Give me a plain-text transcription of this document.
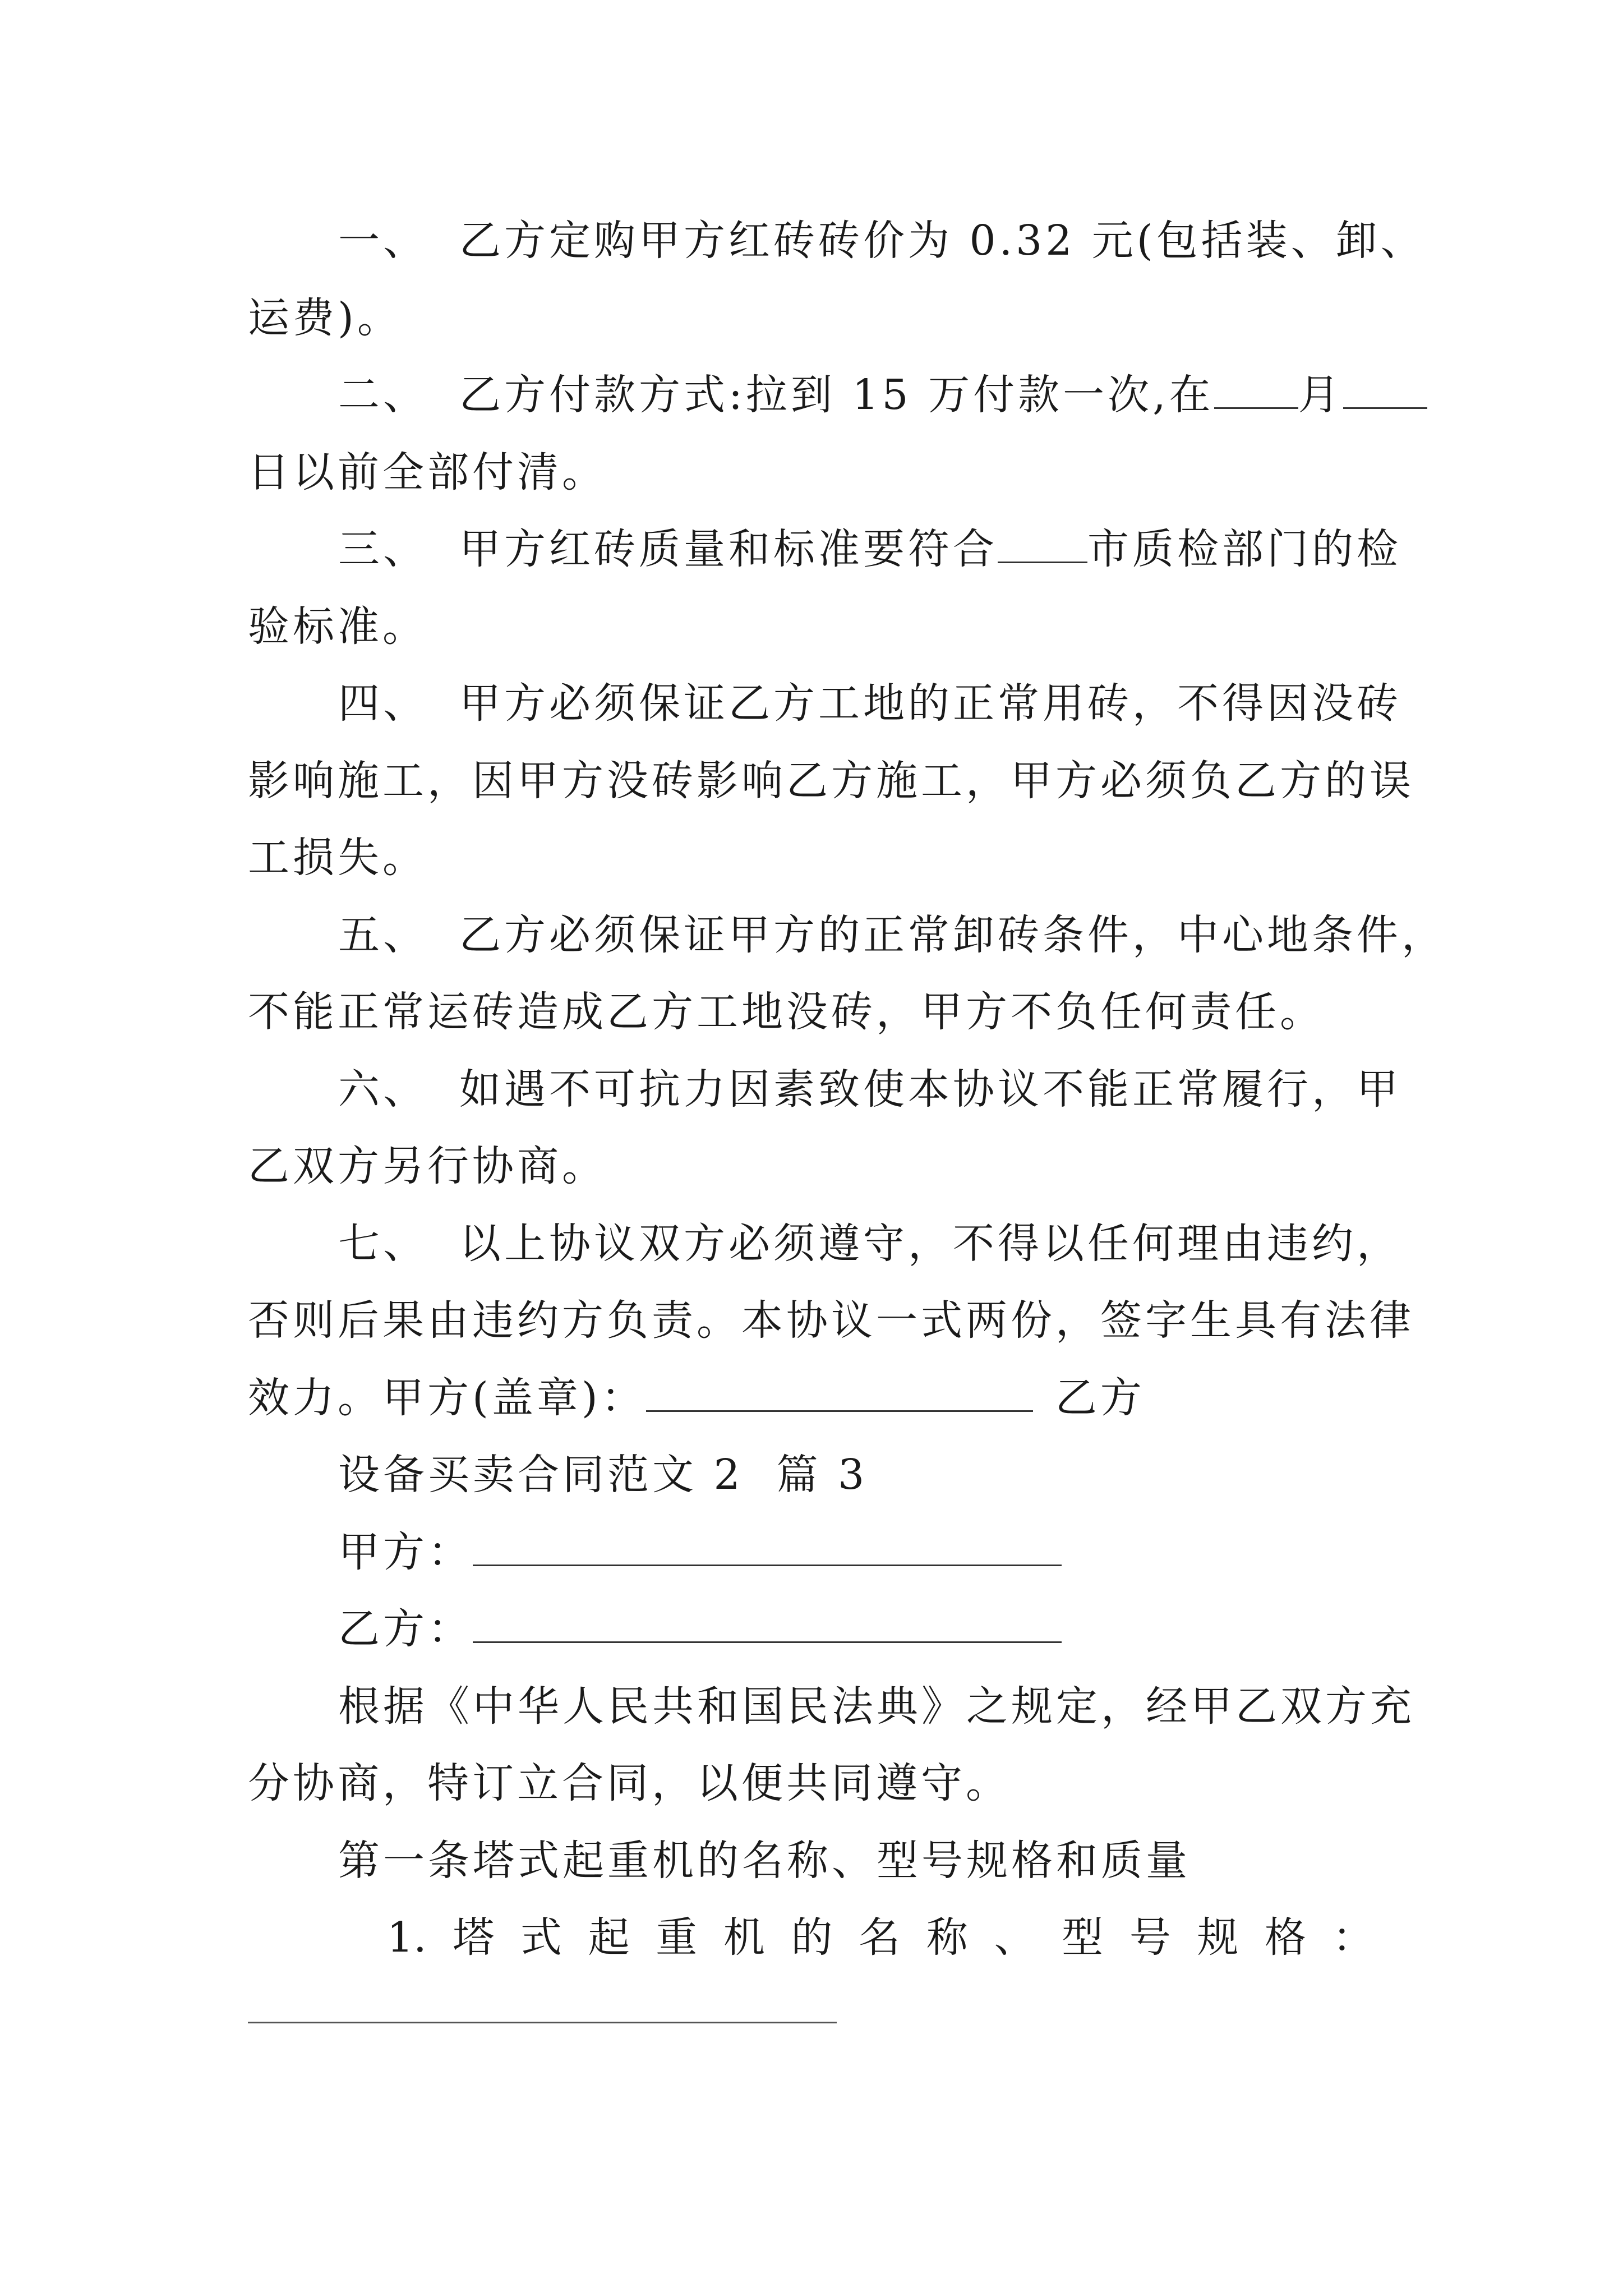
一、 乙方定购甲方红砖砖价为 0.32 元(包括装、卸、
运费)。
二、 乙方付款方式:拉到 15 万付款一次,在 月
日以前全部付清。
三、 甲方红砖质量和标准要符合 市质检部门的检
验标准。
四、 甲方必须保证乙方工地的正常用砖，不得因没砖
影响施工，因甲方没砖影响乙方施工，甲方必须负乙方的误
工损失。
五、 乙方必须保证甲方的正常卸砖条件，中心地条件，
不能正常运砖造成乙方工地没砖，甲方不负任何责任。
六、 如遇不可抗力因素致使本协议不能正常履行，甲
乙双方另行协商。
七、 以上协议双方必须遵守，不得以任何理由违约，
否则后果由违约方负责。本协议一式两份，签字生具有法律
效力。甲方(盖章)：	乙方
设备买卖合同范文 2  篇 3
甲方：
乙方：
根据《中华人民共和国民法典》之规定，经甲乙双方充
分协商，特订立合同，以便共同遵守。
第一条塔式起重机的名称、型号规格和质量
1. 塔 式 起 重 机 的 名 称 、 型 号 规 格 ：
